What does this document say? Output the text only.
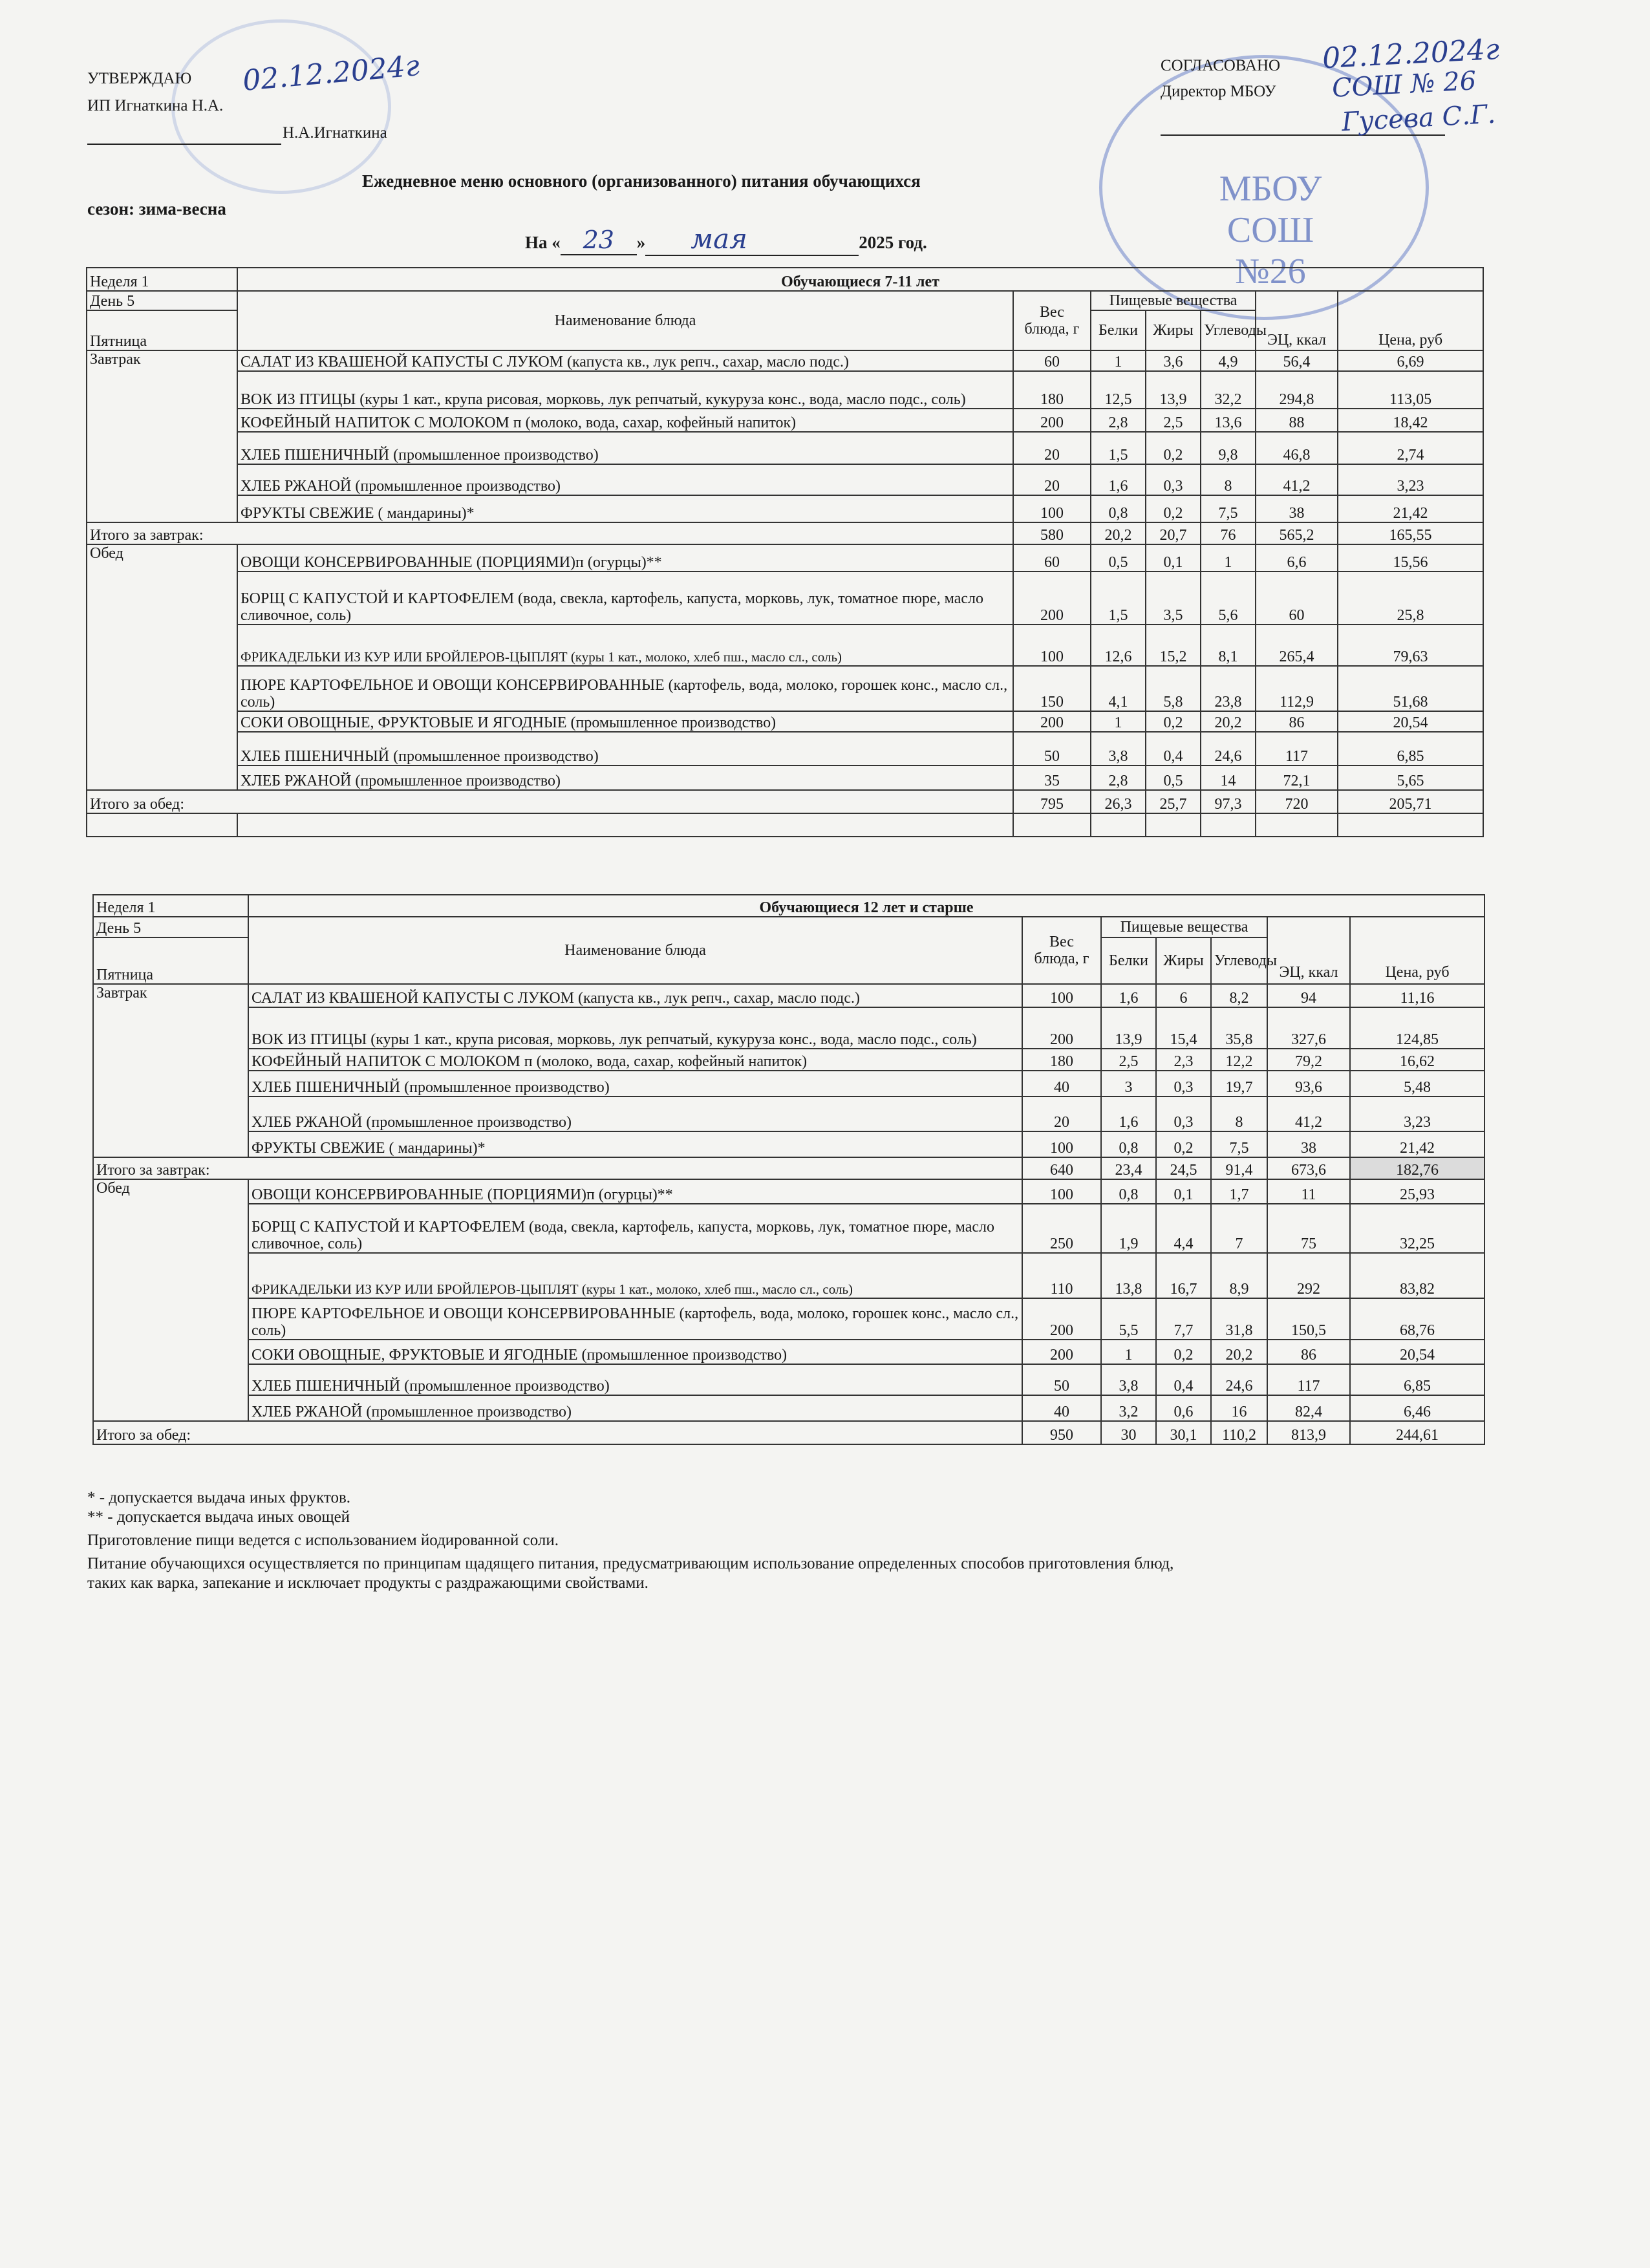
УТВЕРЖДАЮ
ИП Игнаткина Н.А.
Н.А.Игнаткина
02.12.2024г
МБОУ
СОШ №26
СОГЛАСОВАНО
Директор МБОУ
02.12.2024г
СОШ № 26
Гусева С.Г.
Ежедневное меню основного (организованного) питания обучающихся
сезон: зима-весна
На « 23 » мая	2025 год.
Неделя 1	Обучающиеся 7-11 лет						
День 5	Наименование блюда	Вес блюда, г	Пищевые вещества				
Пятница			Белки	Жиры	Углеводы		
						ЭЦ, ккал	Цена, руб
Завтрак	САЛАТ ИЗ КВАШЕНОЙ КАПУСТЫ С ЛУКОМ (капуста кв., лук репч., сахар, масло подс.)	60	1	3,6	4,9	56,4	6,69
	ВОК ИЗ ПТИЦЫ (куры 1 кат., крупа рисовая, морковь, лук репчатый, кукуруза конс., вода, масло подс., соль)	180	12,5	13,9	32,2	294,8	113,05
	КОФЕЙНЫЙ НАПИТОК С МОЛОКОМ п (молоко, вода, сахар, кофейный напиток)	200	2,8	2,5	13,6	88	18,42
	ХЛЕБ ПШЕНИЧНЫЙ (промышленное производство)	20	1,5	0,2	9,8	46,8	2,74
	ХЛЕБ РЖАНОЙ (промышленное производство)	20	1,6	0,3	8	41,2	3,23
	ФРУКТЫ СВЕЖИЕ ( мандарины)*	100	0,8	0,2	7,5	38	21,42
Итого за завтрак:		580	20,2	20,7	76	565,2	165,55
Обед	ОВОЩИ КОНСЕРВИРОВАННЫЕ (ПОРЦИЯМИ)п (огурцы)**	60	0,5	0,1	1	6,6	15,56
	БОРЩ С КАПУСТОЙ И КАРТОФЕЛЕМ (вода, свекла, картофель, капуста, морковь, лук, томатное пюре, масло сливочное, соль)	200	1,5	3,5	5,6	60	25,8
	ФРИКАДЕЛЬКИ ИЗ КУР ИЛИ БРОЙЛЕРОВ-ЦЫПЛЯТ (куры 1 кат., молоко, хлеб пш., масло сл., соль)	100	12,6	15,2	8,1	265,4	79,63
	ПЮРЕ КАРТОФЕЛЬНОЕ И ОВОЩИ КОНСЕРВИРОВАННЫЕ (картофель, вода, молоко, горошек конс., масло сл., соль)	150	4,1	5,8	23,8	112,9	51,68
	СОКИ ОВОЩНЫЕ, ФРУКТОВЫЕ И ЯГОДНЫЕ (промышленное производство)	200	1	0,2	20,2	86	20,54
	ХЛЕБ ПШЕНИЧНЫЙ (промышленное производство)	50	3,8	0,4	24,6	117	6,85
	ХЛЕБ РЖАНОЙ (промышленное производство)	35	2,8	0,5	14	72,1	5,65
Итого за обед:		795	26,3	25,7	97,3	720	205,71

Неделя 1	Обучающиеся 12 лет и старше						
День 5	Наименование блюда	Вес блюда, г	Пищевые вещества				
Пятница			Белки	Жиры	Углеводы		
						ЭЦ, ккал	Цена, руб
Завтрак	САЛАТ ИЗ КВАШЕНОЙ КАПУСТЫ С ЛУКОМ (капуста кв., лук репч., сахар, масло подс.)	100	1,6	6	8,2	94	11,16
	ВОК ИЗ ПТИЦЫ (куры 1 кат., крупа рисовая, морковь, лук репчатый, кукуруза конс., вода, масло подс., соль)	200	13,9	15,4	35,8	327,6	124,85
	КОФЕЙНЫЙ НАПИТОК С МОЛОКОМ п (молоко, вода, сахар, кофейный напиток)	180	2,5	2,3	12,2	79,2	16,62
	ХЛЕБ ПШЕНИЧНЫЙ (промышленное производство)	40	3	0,3	19,7	93,6	5,48
	ХЛЕБ РЖАНОЙ (промышленное производство)	20	1,6	0,3	8	41,2	3,23
	ФРУКТЫ СВЕЖИЕ ( мандарины)*	100	0,8	0,2	7,5	38	21,42
Итого за завтрак:		640	23,4	24,5	91,4	673,6	182,76
Обед	ОВОЩИ КОНСЕРВИРОВАННЫЕ (ПОРЦИЯМИ)п (огурцы)**	100	0,8	0,1	1,7	11	25,93
	БОРЩ С КАПУСТОЙ И КАРТОФЕЛЕМ (вода, свекла, картофель, капуста, морковь, лук, томатное пюре, масло сливочное, соль)	250	1,9	4,4	7	75	32,25
	ФРИКАДЕЛЬКИ ИЗ КУР ИЛИ БРОЙЛЕРОВ-ЦЫПЛЯТ (куры 1 кат., молоко, хлеб пш., масло сл., соль)	110	13,8	16,7	8,9	292	83,82
	ПЮРЕ КАРТОФЕЛЬНОЕ И ОВОЩИ КОНСЕРВИРОВАННЫЕ (картофель, вода, молоко, горошек конс., масло сл., соль)	200	5,5	7,7	31,8	150,5	68,76
	СОКИ ОВОЩНЫЕ, ФРУКТОВЫЕ И ЯГОДНЫЕ (промышленное производство)	200	1	0,2	20,2	86	20,54
	ХЛЕБ ПШЕНИЧНЫЙ (промышленное производство)	50	3,8	0,4	24,6	117	6,85
	ХЛЕБ РЖАНОЙ (промышленное производство)	40	3,2	0,6	16	82,4	6,46
Итого за обед:		950	30	30,1	110,2	813,9	244,61
* - допускается выдача иных фруктов.
** - допускается выдача иных овощей
Приготовление пищи ведется с использованием йодированной соли.
Питание обучающихся осуществляется по принципам щадящего питания, предусматривающим использование определенных способов приготовления блюд,
таких как варка, запекание и исключает продукты с раздражающими свойствами.
